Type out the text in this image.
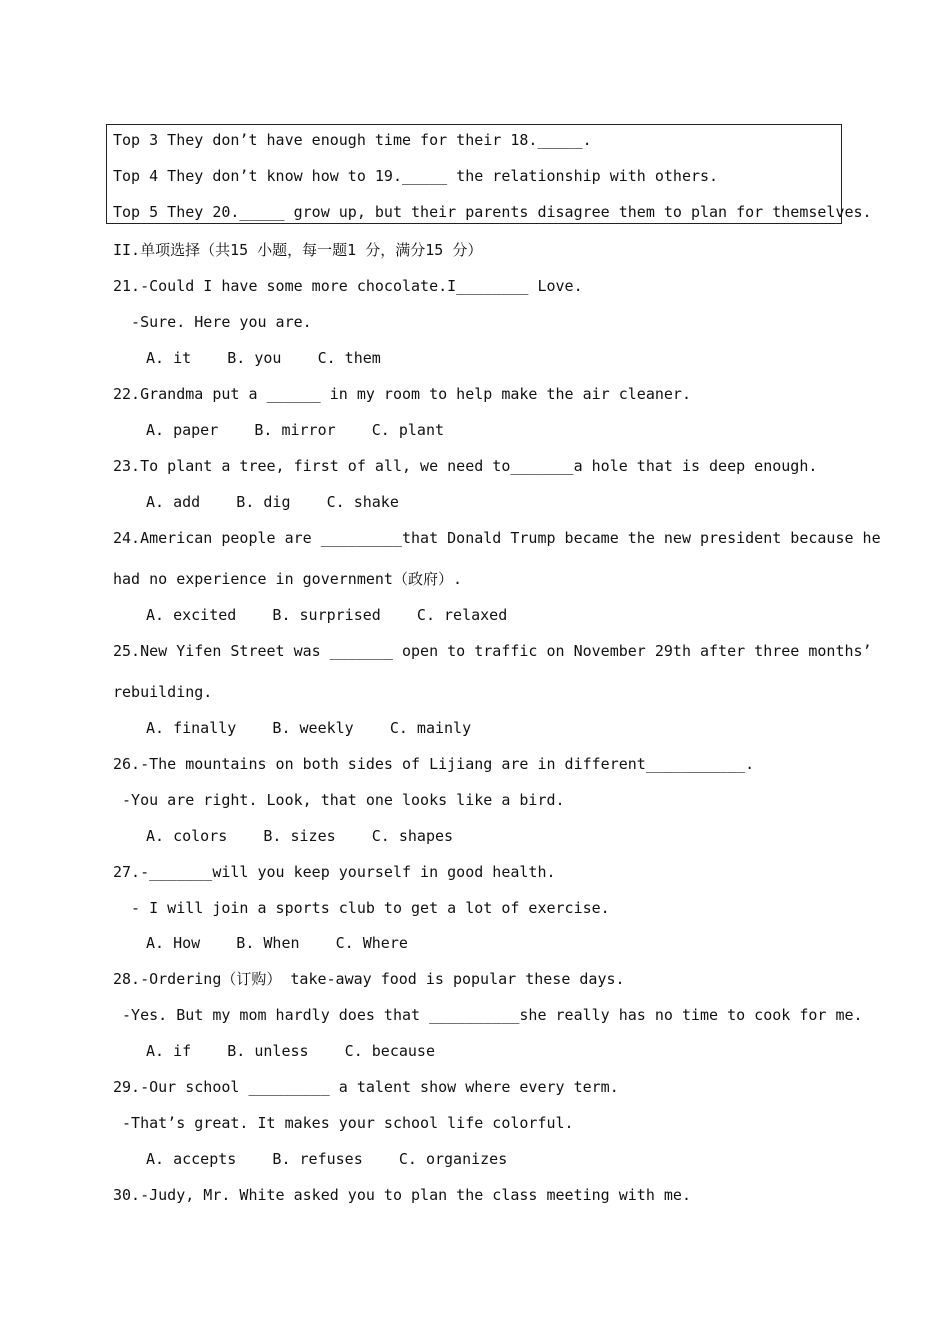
Top 3 They don’t have enough time for their 18._____.
Top 4 They don’t know how to 19._____ the relationship with others.
Top 5 They 20._____ grow up, but their parents disagree them to plan for themselves.
II.单项选择（共15 小题，每一题1 分，满分15 分）
21.-Could I have some more chocolate.I________ Love.
-Sure. Here you are.
A. it    B. you    C. them
22.Grandma put a ______ in my room to help make the air cleaner.
A. paper    B. mirror    C. plant
23.To plant a tree, first of all, we need to_______a hole that is deep enough.
A. add    B. dig    C. shake
24.American people are _________that Donald Trump became the new president because he
had no experience in government（政府）.
A. excited    B. surprised    C. relaxed
25.New Yifen Street was _______ open to traffic on November 29th after three months’
rebuilding.
A. finally    B. weekly    C. mainly
26.-The mountains on both sides of Lijiang are in different___________.
-You are right. Look, that one looks like a bird.
A. colors    B. sizes    C. shapes
27.-_______will you keep yourself in good health.
- I will join a sports club to get a lot of exercise.
A. How    B. When    C. Where
28.-Ordering（订购） take-away food is popular these days.
-Yes. But my mom hardly does that __________she really has no time to cook for me.
A. if    B. unless    C. because
29.-Our school _________ a talent show where every term.
-That’s great. It makes your school life colorful.
A. accepts    B. refuses    C. organizes
30.-Judy, Mr. White asked you to plan the class meeting with me.
